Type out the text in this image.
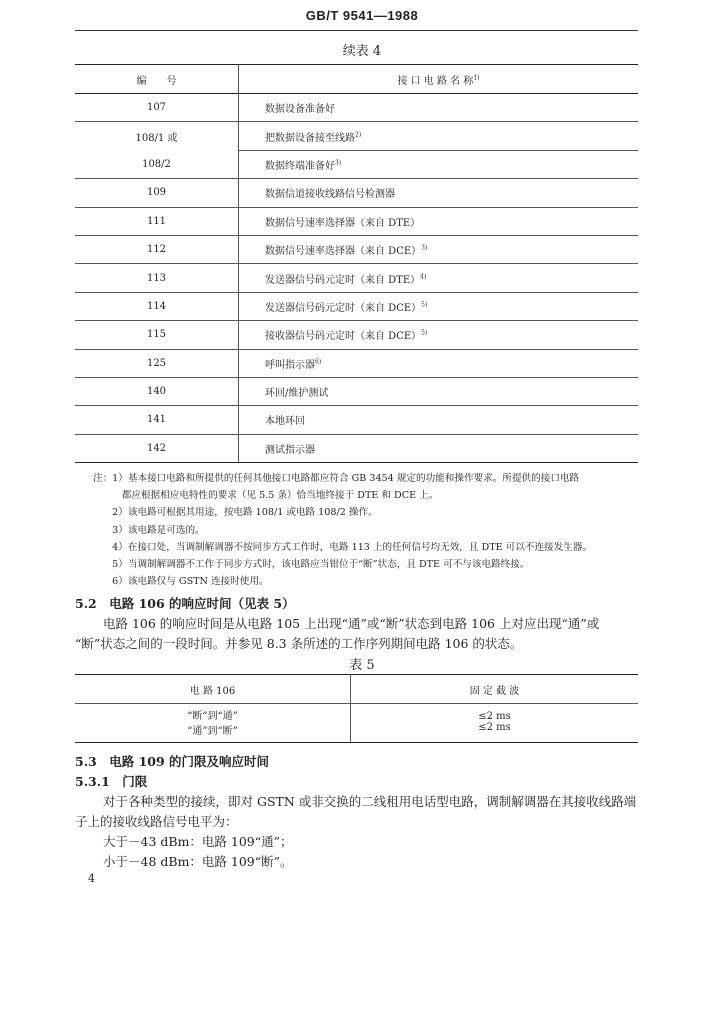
GB/T 9541—1988
续表 4
编　　号	接 口 电 路 名 称$^{1)}$
107	数据设备准备好
108/1 或	把数据设备接至线路$^{2)}$
108/2	数据终端准备好$^{3)}$
109	数据信道接收线路信号检测器
111	数据信号速率选择器（来自 DTE）
112	数据信号速率选择器（来自 DCE）$^{3)}$
113	发送器信号码元定时（来自 DTE）$^{4)}$
114	发送器信号码元定时（来自 DCE）$^{5)}$
115	接收器信号码元定时（来自 DCE）$^{5)}$
125	呼叫指示器$^{6)}$
140	环回/维护测试
141	本地环回
142	测试指示器

注：1）基本接口电路和所提供的任何其他接口电路都应符合 GB 3454 规定的功能和操作要求。所提供的接口电路

　　　都应根据相应电特性的要求（见 5.5 条）恰当地终接于 DTE 和 DCE 上。

　　2）该电路可根据其用途，按电路 108/1 或电路 108/2 操作。

　　3）该电路是可选的。

　　4）在接口处，当调制解调器不按同步方式工作时，电路 113 上的任何信号均无效，且 DTE 可以不连接发生器。

　　5）当调制解调器不工作于同步方式时，该电路应当钳位于“断”状态，且 DTE 可不与该电路终接。

　　6）该电路仅与 GSTN 连接时使用。

5.2　电路 106 的响应时间（见表 5）
电路 106 的响应时间是从电路 105 上出现“通”或“断”状态到电路 106 上对应出现“通”或
“断”状态之间的一段时间。并参见 8.3 条所述的工作序列期间电路 106 的状态。
表 5
电 路 106	固 定 截 波
“断”到“通”	≤2 ms
“通”到“断”	≤2 ms
5.3　电路 109 的门限及响应时间
5.3.1　门限
对于各种类型的接续，即对 GSTN 或非交换的二线租用电话型电路，调制解调器在其接收线路端
子上的接收线路信号电平为：
大于－43 dBm：电路 109“通”；
小于－48 dBm：电路 109“断”。
4
